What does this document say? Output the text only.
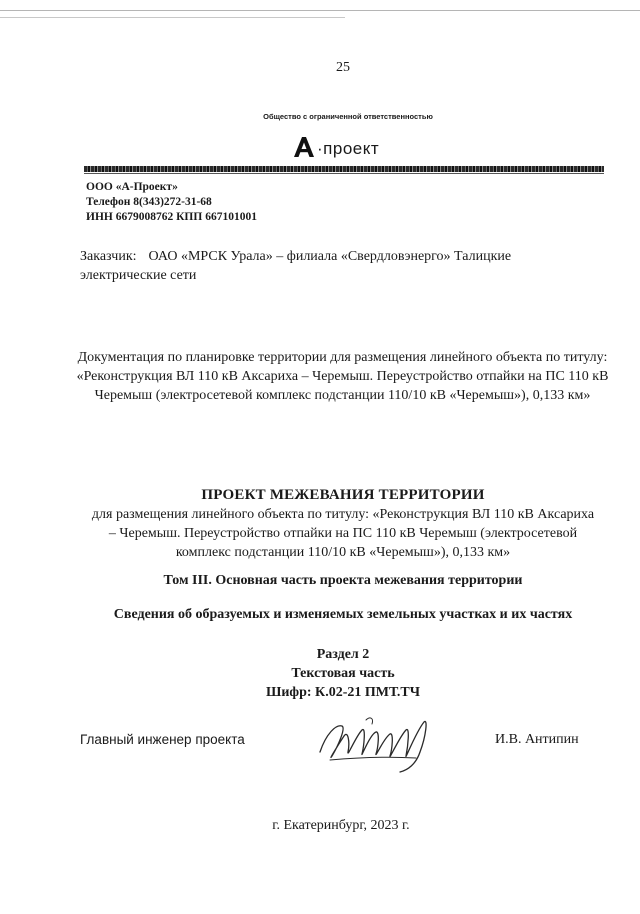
25
Общество с ограниченной ответственностью
·проект
ООО «А-Проект»
Телефон 8(343)272-31-68
ИНН 6679008762 КПП 667101001
Заказчик: ОАО «МРСК Урала» – филиала «Свердловэнерго» Талицкие электрические сети
Документация по планировке территории для размещения линейного объекта по титулу: «Реконструкция ВЛ 110 кВ Аксариха – Черемыш. Переустройство отпайки на ПС 110 кВ Черемыш (электросетевой комплекс подстанции 110/10 кВ «Черемыш»), 0,133 км»
ПРОЕКТ МЕЖЕВАНИЯ ТЕРРИТОРИИ
для размещения линейного объекта по титулу: «Реконструкция ВЛ 110 кВ Аксариха – Черемыш. Переустройство отпайки на ПС 110 кВ Черемыш (электросетевой комплекс подстанции 110/10 кВ «Черемыш»), 0,133 км»
Том III. Основная часть проекта межевания территории
Сведения об образуемых и изменяемых земельных участках и их частях
Раздел 2
Текстовая часть
Шифр: К.02-21 ПМТ.ТЧ
Главный инженер проекта	И.В. Антипин
г. Екатеринбург, 2023 г.
